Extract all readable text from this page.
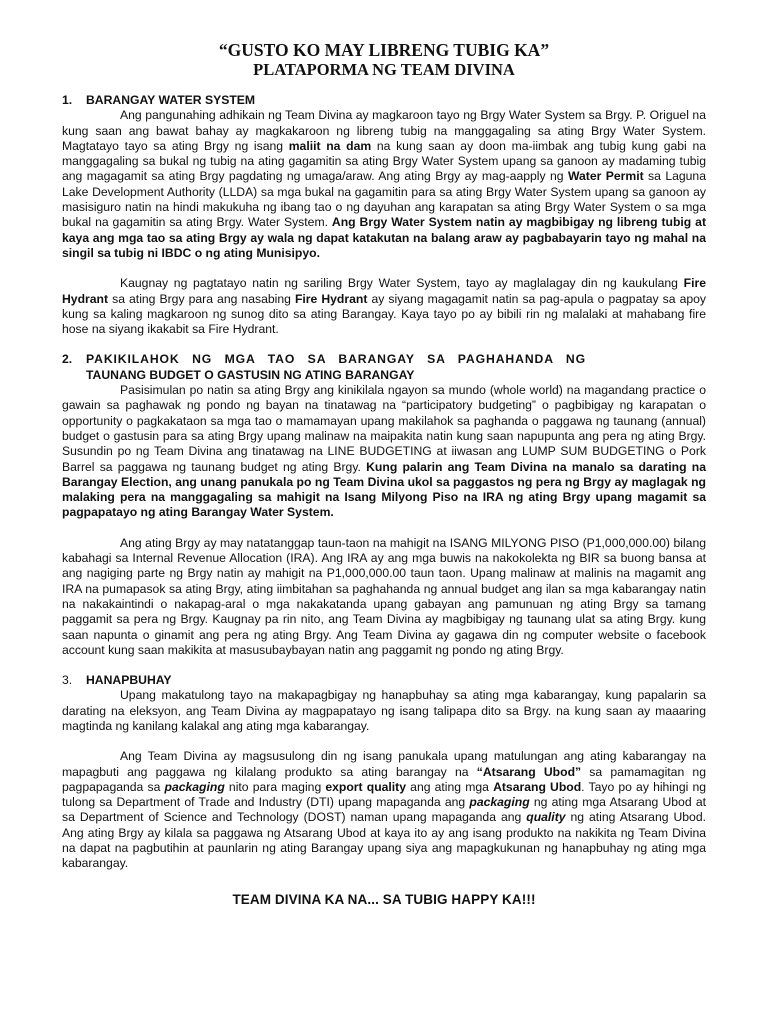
“GUSTO KO MAY LIBRENG TUBIG KA”
PLATAPORMA NG TEAM DIVINA
1. BARANGAY WATER SYSTEM

Ang pangunahing adhikain ng Team Divina ay magkaroon tayo ng Brgy Water System sa Brgy. P. Origuel na kung saan ang bawat bahay ay magkakaroon ng libreng tubig na manggagaling sa ating Brgy Water System. Magtatayo tayo sa ating Brgy ng isang maliit na dam na kung saan ay doon ma-iimbak ang tubig kung gabi na manggagaling sa bukal ng tubig na ating gagamitin sa ating Brgy Water System upang sa ganoon ay madaming tubig ang magagamit sa ating Brgy pagdating ng umaga/araw. Ang ating Brgy ay mag-aapply ng Water Permit sa Laguna Lake Development Authority (LLDA) sa mga bukal na gagamitin para sa ating Brgy Water System upang sa ganoon ay masisiguro natin na hindi makukuha ng ibang tao o ng dayuhan ang karapatan sa ating Brgy Water System o sa mga bukal na gagamitin sa ating Brgy. Water System. Ang Brgy Water System natin ay magbibigay ng libreng tubig at kaya ang mga tao sa ating Brgy ay wala ng dapat katakutan na balang araw ay pagbabayarin tayo ng mahal na singil sa tubig ni IBDC o ng ating Munisipyo.

Kaugnay ng pagtatayo natin ng sariling Brgy Water System, tayo ay maglalagay din ng kaukulang Fire Hydrant sa ating Brgy para ang nasabing Fire Hydrant ay siyang magagamit natin sa pag-apula o pagpatay sa apoy kung sa kaling magkaroon ng sunog dito sa ating Barangay. Kaya tayo po ay bibili rin ng malalaki at mahabang fire hose na siyang ikakabit sa Fire Hydrant.

2.	PAKIKILAHOK NG MGA TAO SA BARANGAY SA PAGHAHANDA NG
TAUNANG BUDGET O GASTUSIN NG ATING BARANGAY

Pasisimulan po natin sa ating Brgy ang kinikilala ngayon sa mundo (whole world) na magandang practice o gawain sa paghawak ng pondo ng bayan na tinatawag na “participatory budgeting” o pagbibigay ng karapatan o opportunity o pagkakataon sa mga tao o mamamayan upang makilahok sa paghanda o paggawa ng taunang (annual) budget o gastusin para sa ating Brgy upang malinaw na maipakita natin kung saan napupunta ang pera ng ating Brgy. Susundin po ng Team Divina ang tinatawag na LINE BUDGETING at iiwasan ang LUMP SUM BUDGETING o Pork Barrel sa paggawa ng taunang budget ng ating Brgy. Kung palarin ang Team Divina na manalo sa darating na Barangay Election, ang unang panukala po ng Team Divina ukol sa paggastos ng pera ng Brgy ay maglagak ng malaking pera na manggagaling sa mahigit na Isang Milyong Piso na IRA ng ating Brgy upang magamit sa pagpapatayo ng ating Barangay Water System.

Ang ating Brgy ay may natatanggap taun-taon na mahigit na ISANG MILYONG PISO (P1,000,000.00) bilang kabahagi sa Internal Revenue Allocation (IRA). Ang IRA ay ang mga buwis na nakokolekta ng BIR sa buong bansa at ang nagiging parte ng Brgy natin ay mahigit na P1,000,000.00 taun taon. Upang malinaw at malinis na magamit ang IRA na pumapasok sa ating Brgy, ating iimbitahan sa paghahanda ng annual budget ang ilan sa mga kabarangay natin na nakakaintindi o nakapag-aral o mga nakakatanda upang gabayan ang pamunuan ng ating Brgy sa tamang paggamit sa pera ng Brgy. Kaugnay pa rin nito, ang Team Divina ay magbibigay ng taunang ulat sa ating Brgy. kung saan napunta o ginamit ang pera ng ating Brgy. Ang Team Divina ay gagawa din ng computer website o facebook account kung saan makikita at masusubaybayan natin ang paggamit ng pondo ng ating Brgy.

3. HANAPBUHAY

Upang makatulong tayo na makapagbigay ng hanapbuhay sa ating mga kabarangay, kung papalarin sa darating na eleksyon, ang Team Divina ay magpapatayo ng isang talipapa dito sa Brgy. na kung saan ay maaaring magtinda ng kanilang kalakal ang ating mga kabarangay.

Ang Team Divina ay magsusulong din ng isang panukala upang matulungan ang ating kabarangay na mapagbuti ang paggawa ng kilalang produkto sa ating barangay na “Atsarang Ubod” sa pamamagitan ng pagpapaganda sa packaging nito para maging export quality ang ating mga Atsarang Ubod. Tayo po ay hihingi ng tulong sa Department of Trade and Industry (DTI) upang mapaganda ang packaging ng ating mga Atsarang Ubod at sa Department of Science and Technology (DOST) naman upang mapaganda ang quality ng ating Atsarang Ubod. Ang ating Brgy ay kilala sa paggawa ng Atsarang Ubod at kaya ito ay ang isang produkto na nakikita ng Team Divina na dapat na pagbutihin at paunlarin ng ating Barangay upang siya ang mapagkukunan ng hanapbuhay ng ating mga kabarangay.

TEAM DIVINA KA NA... SA TUBIG HAPPY KA!!!
